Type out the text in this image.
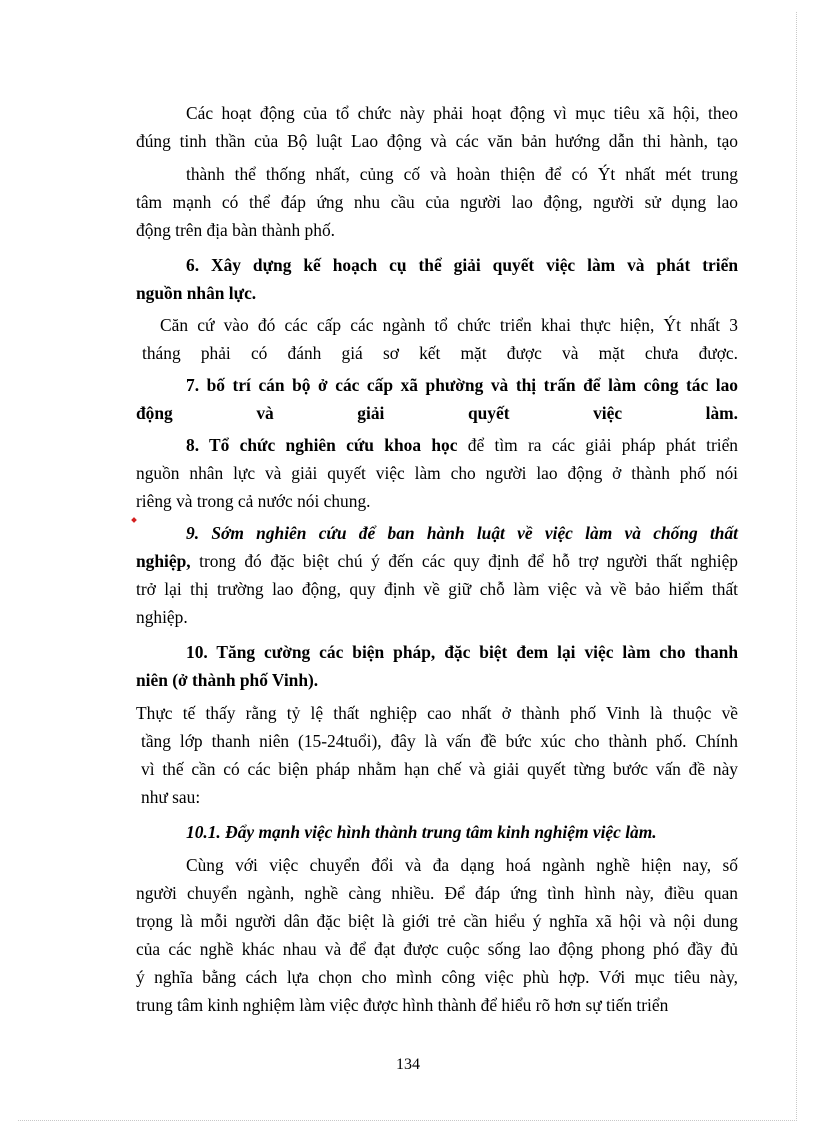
Các hoạt động của tổ chức này phải hoạt động vì mục tiêu xã hội, theo
đúng tinh thần của Bộ luật Lao động và các văn bản hướng dẫn thi hành, tạo
thành thể thống nhất, củng cố và hoàn thiện để có Ýt nhất mét trung
tâm mạnh có thể đáp ứng nhu cầu của người lao động, người sử dụng lao
động trên địa bàn thành phố.
6. Xây dựng kế hoạch cụ thể giải quyết việc làm và phát triển
nguồn nhân lực.
Căn cứ vào đó các cấp các ngành tổ chức triển khai thực hiện, Ýt nhất 3
tháng phải có đánh giá sơ kết mặt được và mặt chưa được.
7. bố trí cán bộ ở các cấp xã phường và thị trấn để làm công tác lao
động và giải quyết việc làm.
8. Tổ chức nghiên cứu khoa học để tìm ra các giải pháp phát triển
nguồn nhân lực và giải quyết việc làm cho người lao động ở thành phố nói
riêng và trong cả nước nói chung.
9. Sớm nghiên cứu để ban hành luật về việc làm và chống thất
nghiệp, trong đó đặc biệt chú ý đến các quy định để hỗ trợ người thất nghiệp
trở lại thị trường lao động, quy định về giữ chỗ làm việc và về bảo hiểm thất
nghiệp.
10. Tăng cường các biện pháp, đặc biệt đem lại việc làm cho thanh
niên (ở thành phố Vinh).
Thực tế thấy rằng tỷ lệ thất nghiệp cao nhất ở thành phố Vinh là thuộc về
tầng lớp thanh niên (15-24tuổi), đây là vấn đề bức xúc cho thành phố. Chính
vì thế cần có các biện pháp nhằm hạn chế và giải quyết từng bước vấn đề này
như sau:
10.1. Đẩy mạnh việc hình thành trung tâm kinh nghiệm việc làm.
Cùng với việc chuyển đổi và đa dạng hoá ngành nghề hiện nay, số
người chuyển ngành, nghề càng nhiều. Để đáp ứng tình hình này, điều quan
trọng là mỗi người dân đặc biệt là giới trẻ cần hiểu ý nghĩa xã hội và nội dung
của các nghề khác nhau và để đạt được cuộc sống lao động phong phó đầy đủ
ý nghĩa bằng cách lựa chọn cho mình công việc phù hợp. Với mục tiêu này,
trung tâm kinh nghiệm làm việc được hình thành để hiểu rõ hơn sự tiến triển
134
